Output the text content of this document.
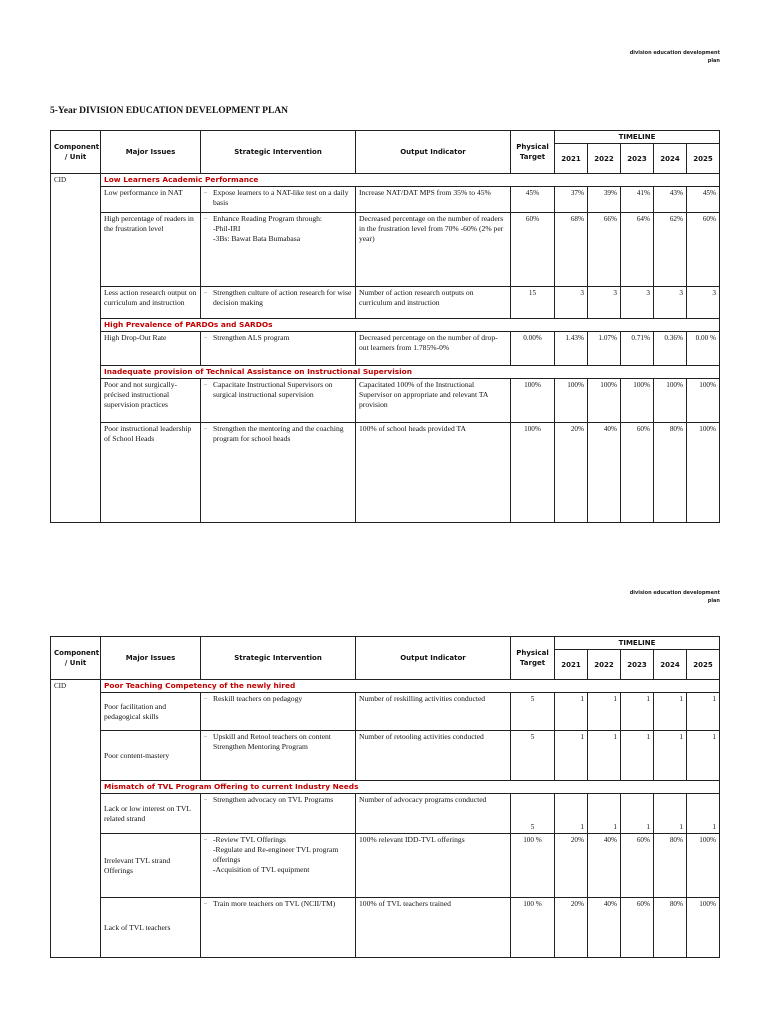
division education development
plan
5-Year DIVISION EDUCATION DEVELOPMENT PLAN
Component / Unit	Major Issues	Strategic Intervention	Output Indicator	Physical Target	TIMELINE				
					2021	2022	2023	2024	2025
CID	Low Learners Academic Performance								
	Low performance in NAT	– Expose learners to a NAT-like test on a daily basis	Increase NAT/DAT MPS from 35% to 45%	45%	37%	39%	41%	43%	45%
	High percentage of readers in the frustration level	– Enhance Reading Program through:
-Phil-IRI
-3Bs: Bawat Bata Bumabasa	Decreased percentage on the number of readers in the frustration level from 70% -60% (2% per year)	60%	68%	66%	64%	62%	60%
	Less action research output on curriculum and instruction	– Strengthen culture of action research for wise decision making	Number of action research outputs on curriculum and instruction	15	3	3	3	3	3
	High Prevalence of PARDOs and SARDOs								
	High Drop-Out Rate	– Strengthen ALS program	Decreased percentage on the number of drop-out learners from 1.785%-0%	0.00%	1.43%	1.07%	0.71%	0.36%	0.00 %
	Inadequate provision of Technical Assistance on Instructional Supervision								
	Poor and not surgically-précised instructional supervision practices	– Capacitate Instructional Supervisors on surgical instructional supervision	Capacitated 100% of the Instructional Supervisor on appropriate and relevant TA provision	100%	100%	100%	100%	100%	100%
	Poor instructional leadership of School Heads	– Strengthen the mentoring and the coaching program for school heads	100% of school heads provided TA	100%	20%	40%	60%	80%	100%
division education development
plan
Component / Unit	Major Issues	Strategic Intervention	Output Indicator	Physical Target	TIMELINE				
					2021	2022	2023	2024	2025
CID	Poor Teaching Competency of the newly hired								
	Poor facilitation and pedagogical skills	– Reskill teachers on pedagogy	Number of reskilling activities conducted	5	1	1	1	1	1
	Poor content-mastery	– Upskill and Retool teachers on content
Strengthen Mentoring Program	Number of retooling activities conducted	5	1	1	1	1	1
	Mismatch of TVL Program Offering to current Industry Needs								
	Lack or low interest on TVL related strand	– Strengthen advocacy on TVL Programs	Number of advocacy programs conducted	5	1	1	1	1	1
	Irrelevant TVL strand Offerings	– -Review TVL Offerings
-Regulate and Re-engineer TVL program offerings
-Acquisition of TVL equipment	100% relevant IDD-TVL offerings	100 %	20%	40%	60%	80%	100%
	Lack of TVL teachers	– Train more teachers on TVL (NCII/TM)	100% of TVL teachers trained	100 %	20%	40%	60%	80%	100%
